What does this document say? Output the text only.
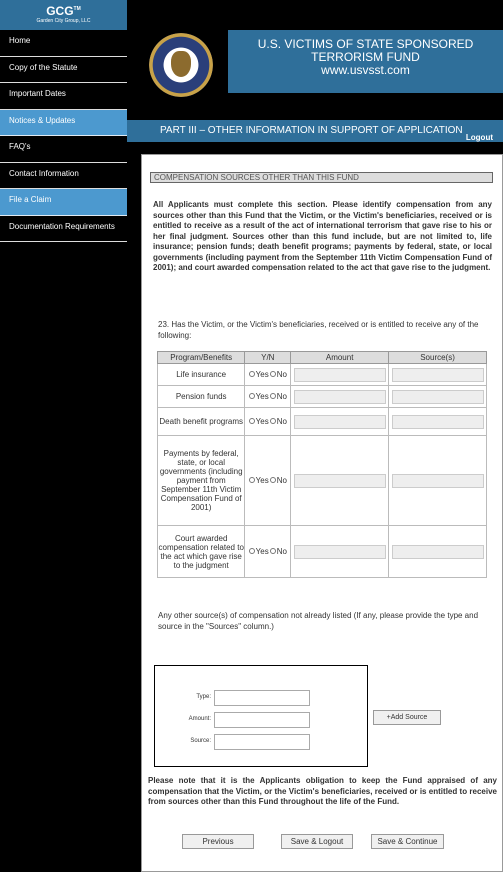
GCG™
Garden City Group, LLC
Home
Copy of the Statute
Important Dates
Notices & Updates
FAQ's
Contact Information
File a Claim
Documentation Requirements
U.S. VICTIMS OF STATE SPONSORED
TERRORISM FUND
www.usvsst.com
PART III – OTHER INFORMATION IN SUPPORT OF APPLICATION
Logout
COMPENSATION SOURCES OTHER THAN THIS FUND
All Applicants must complete this section. Please identify compensation from any sources other than this Fund that the Victim, or the Victim's beneficiaries, received or is entitled to receive as a result of the act of international terrorism that gave rise to his or her final judgment. Sources other than this fund include, but are not limited to, life insurance; pension funds; death benefit programs; payments by federal, state, or local governments (including payment from the September 11th Victim Compensation Fund of 2001); and court awarded compensation related to the act that gave rise to the judgment.
23. Has the Victim, or the Victim's beneficiaries, received or is entitled to receive any of the following:
Program/Benefits	Y/N	Amount	Source(s)
Life insurance	Yes No		

Pension funds	Yes No		

Death benefit programs	Yes No		

Payments by federal, state, or local governments (including payment from September 11th Victim Compensation Fund of 2001)	Yes No		

Court awarded compensation related to the act which gave rise to the judgment	Yes No		

Any other source(s) of compensation not already listed (If any, please provide the type and source in the "Sources" column.)
Type:
Amount:
Source:
+Add Source
Please note that it is the Applicants obligation to keep the Fund appraised of any compensation that the Victim, or the Victim's beneficiaries, received or is entitled to receive from sources other than this Fund throughout the life of the Fund.
Previous	Save & Logout	Save & Continue
